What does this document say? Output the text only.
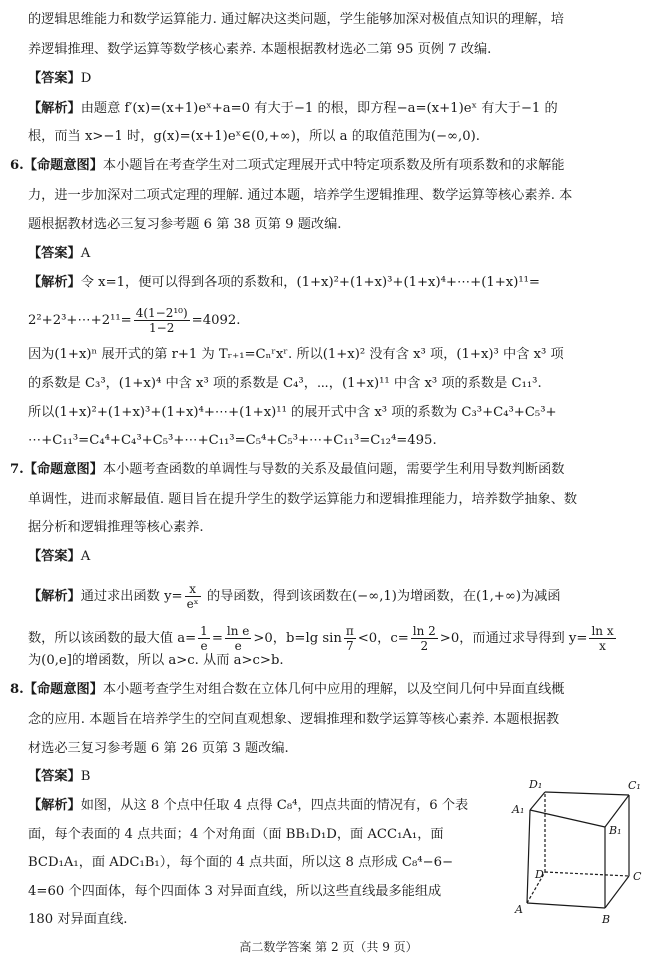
的逻辑思维能力和数学运算能力. 通过解决这类问题，学生能够加深对极值点知识的理解，培
养逻辑推理、数学运算等数学核心素养. 本题根据教材选必二第 95 页例 7 改编.
【答案】D
【解析】由题意 f′(x)=(x+1)eˣ+a=0 有大于−1 的根，即方程−a=(x+1)eˣ 有大于−1 的
根，而当 x>−1 时，g(x)=(x+1)eˣ∈(0,+∞)，所以 a 的取值范围为(−∞,0).
6.【命题意图】本小题旨在考查学生对二项式定理展开式中特定项系数及所有项系数和的求解能
力，进一步加深对二项式定理的理解. 通过本题，培养学生逻辑推理、数学运算等核心素养. 本
题根据教材选必三复习参考题 6 第 38 页第 9 题改编.
【答案】A
【解析】令 x=1，便可以得到各项的系数和，(1+x)²+(1+x)³+(1+x)⁴+⋯+(1+x)¹¹=
2²+2³+⋯+2¹¹= $\frac{\text{4(1−2¹⁰)}}{1-2} =4092$.
因为(1+x)ⁿ 展开式的第 r+1 为 Tᵣ₊₁=Cₙʳxʳ. 所以(1+x)² 没有含 x³ 项，(1+x)³ 中含 x³ 项
的系数是 C₃³，(1+x)⁴ 中含 x³ 项的系数是 C₄³，⋯，(1+x)¹¹ 中含 x³ 项的系数是 C₁₁³.
所以(1+x)²+(1+x)³+(1+x)⁴+⋯+(1+x)¹¹ 的展开式中含 x³ 项的系数为 C₃³+C₄³+C₅³+
⋯+C₁₁³=C₄⁴+C₄³+C₅³+⋯+C₁₁³=C₅⁴+C₅³+⋯+C₁₁³=C₁₂⁴=495.
7.【命题意图】本小题考查函数的单调性与导数的关系及最值问题，需要学生利用导数判断函数
单调性，进而求解最值. 题目旨在提升学生的数学运算能力和逻辑推理能力，培养数学抽象、数
据分析和逻辑推理等核心素养.
【答案】A
【解析】通过求出函数 $y= \frac{x}{\text{eˣ}}$ 的导函数，得到该函数在(−∞,1)为增函数，在(1,+∞)为减函
数，所以该函数的最大值 $a= \frac{1}{e} = \frac{\text{ln e}}{e} >0$，b=lg $\sin \frac{\pi}{7} <0$，$c= \frac{\ln 2}{2} >0$，而通过求导得到 $y= \frac{\text{ln x}}{x}$
为(0,e]的增函数，所以 a>c. 从而 a>c>b.
8.【命题意图】本小题考查学生对组合数在立体几何中应用的理解，以及空间几何中异面直线概
念的应用. 本题旨在培养学生的空间直观想象、逻辑推理和数学运算等核心素养. 本题根据教
材选必三复习参考题 6 第 26 页第 3 题改编.
【答案】B
【解析】如图，从这 8 个点中任取 4 点得 C₈⁴，四点共面的情况有，6 个表
面，每个表面的 4 点共面；4 个对角面（面 BB₁D₁D，面 ACC₁A₁，面
BCD₁A₁，面 ADC₁B₁），每个面的 4 点共面，所以这 8 点形成 C₈⁴−6−
4=60 个四面体，每个四面体 3 对异面直线，所以这些直线最多能组成
180 对异面直线.
D₁	C₁
A₁
B₁
D	C
A
B
高二数学答案 第 2 页（共 9 页）
